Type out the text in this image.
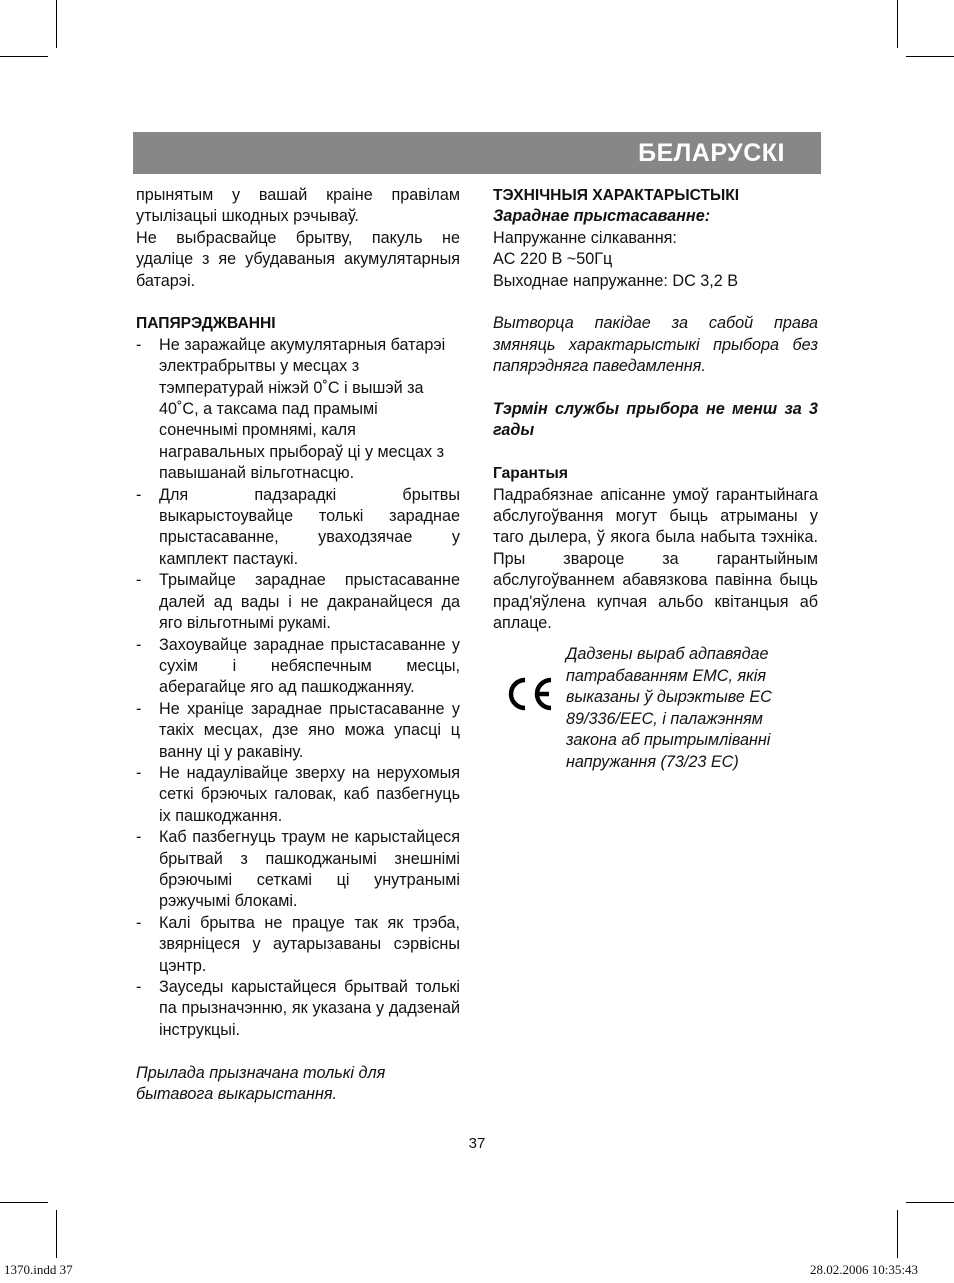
БЕЛАРУСКІ

прынятым у вашай краіне правілам утылізацыі шкодных рэчываў.

Не выбрасвайце брытву, пакуль не удаліце з яе убудаваныя акумулятарныя батарэі.

ПАПЯРЭДЖВАННІ

- Не заражайце акумулятарныя батарэі электрабрытвы у месцах з тэмпературай ніжэй 0˚С і вышэй за 40˚С, а таксама пад прамымі сонечнымі промнямі, каля награвальных прыбораў ці у месцах з павышанай вільготнасцю.
- Для падзарадкі брытвы выкарыстоувайце толькі зараднае прыстасаванне, уваходзячае у камплект пастаукі.
- Трымайце зараднае прыстасаванне далей ад вады і не дакранайцеся да яго вільготнымі рукамі.
- Захоувайце зараднае прыстасаванне у сухім і небяспечным месцы, аберагайце яго ад пашкоджанняу.
- Не храніце зараднае прыстасаванне у такіх месцах, дзе яно можа упасці ц ванну ці у ракавіну.
- Не надаулівайце зверху на нерухомыя сеткі брэючых галовак, каб пазбегнуць іх пашкоджання.
- Каб пазбегнуць траум не карыстайцеся брытвай з пашкоджанымі знешнімі брэючымі сеткамі ці унутранымі рэжучымі блокамі.
- Калі брытва не працуе так як трэба, звярніцеся у аутарызаваны сэрвісны цэнтр.
- Зауседы карыстайцеся брытвай толькі па прызначэнню, як указана у дадзенай інструкцыі.

Прылада прызначана толькі для бытавога выкарыстання.

ТЭХНІЧНЫЯ ХАРАКТАРЫСТЫКІ

Зараднае прыстасаванне:

Напружанне сілкавання:

AC 220 В ~50Гц

Выходнае напружанне: DC 3,2 В

Вытворца пакідае за сабой права змяняць характарыстыкі прыбора без папярэдняга паведамлення.

Тэрмін службы прыбора не менш за 3 гады

Гарантыя

Падрабязнае апісанне умоў гарантыйнага абслугоўвання могут быць атрыманы у таго дылера, ў якога была набыта тэхніка. Пры звароце за гарантыйным абслугоўваннем абавязкова павінна быць прад'яўлена купчая альбо квітанцыя аб аплаце.

Дадзены выраб адпавядае патрабаванням ЕМС, якія выказаны ў дырэктыве ЕС 89/336/ЕЕС, і палажэнням закона аб прытрымліванні напружання (73/23 ЕС)

37
1370.indd 37	28.02.2006 10:35:43
